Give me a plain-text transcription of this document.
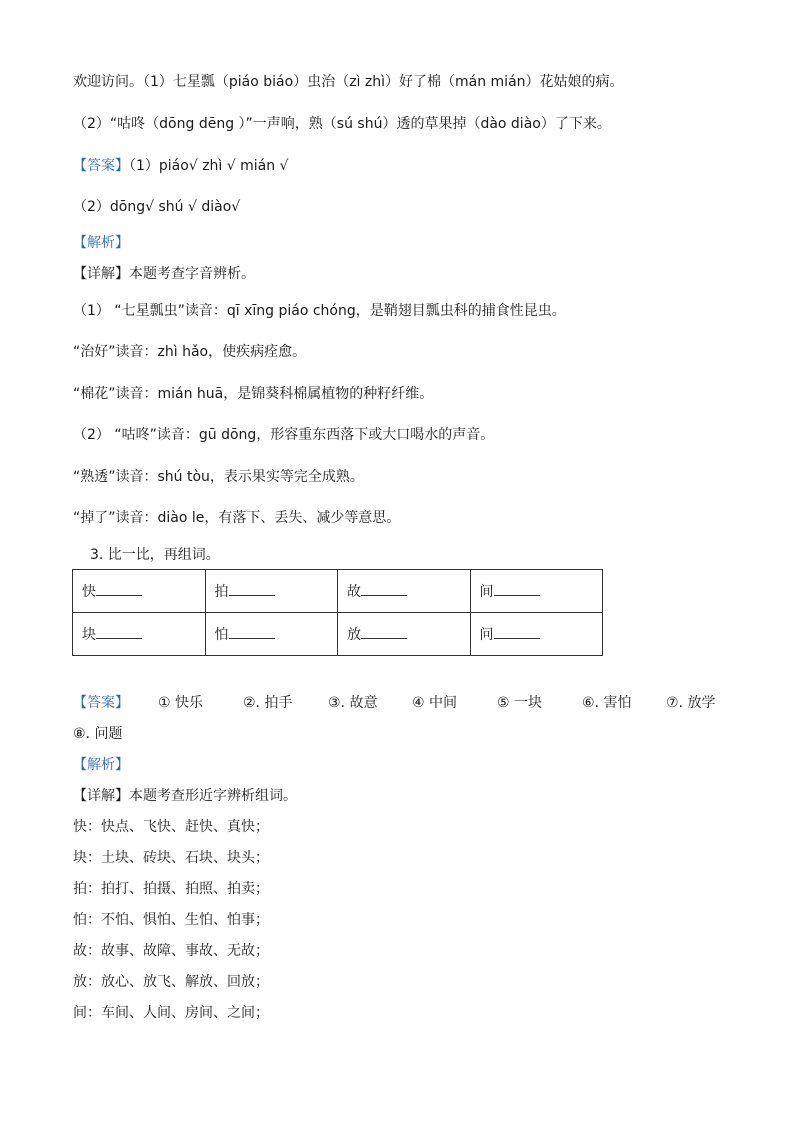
欢迎访问。（1）七星瓢（piáo biáo）虫治（zì zhì）好了棉（mán mián）花姑娘的病。
（2）“咕咚（dōng dēng ）”一声响，熟（sú shú）透的草果掉（dào diào）了下来。
【答案】（1）piáo√ zhì √ mián √
（2）dōng√ shú √ diào√
【解析】
【详解】本题考查字音辨析。
（1） “七星瓢虫”读音：qī xīng piáo chóng，是鞘翅目瓢虫科的捕食性昆虫。
“治好”读音：zhì hǎo，使疾病痊愈。
“棉花”读音：mián huā，是锦葵科棉属植物的种籽纤维。
（2） “咕咚”读音：gū dōng，形容重东西落下或大口喝水的声音。
“熟透”读音：shú tòu，表示果实等完全成熟。
“掉了”读音：diào le，有落下、丢失、减少等意思。
3. 比一比，再组词。
快	拍	故	间
块	怕	放	问
【答案】 ① 快乐	②. 拍手	③. 故意 ④ 中间	⑤ 一块	⑥. 害怕 ⑦. 放学
⑧. 问题
【解析】
【详解】本题考查形近字辨析组词。
快：快点、飞快、赶快、真快；
块：土块、砖块、石块、块头；
拍：拍打、拍摄、拍照、拍卖；
怕：不怕、惧怕、生怕、怕事；
故：故事、故障、事故、无故；
放：放心、放飞、解放、回放；
间：车间、人间、房间、之间；
